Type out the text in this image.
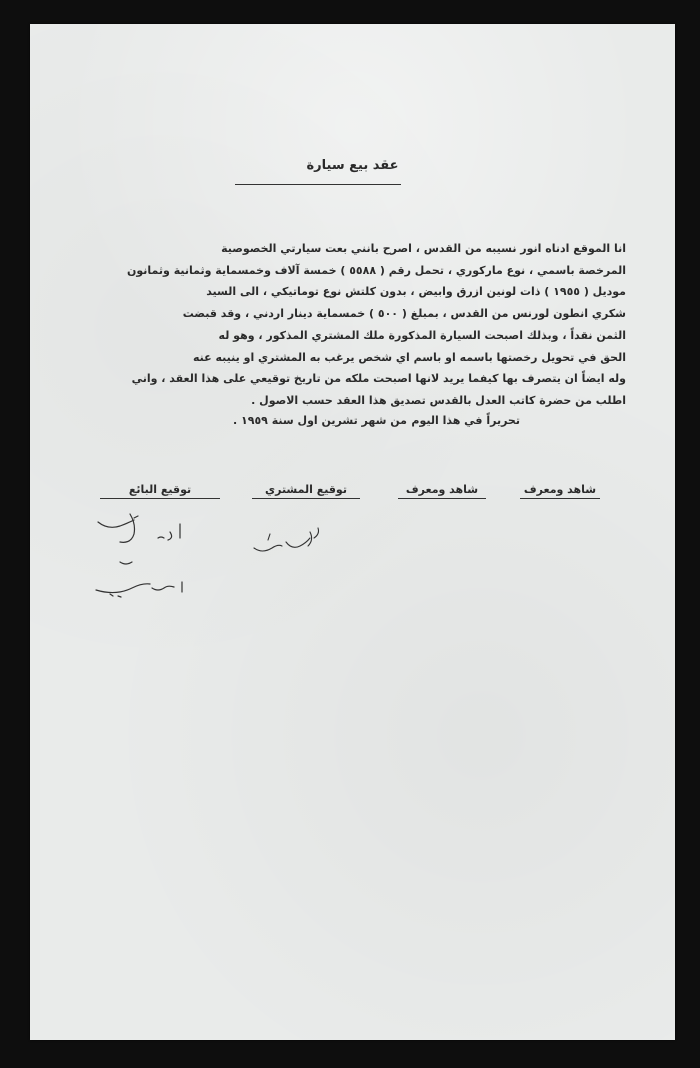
عقد بيع سيارة
انا الموقع ادناه انور نسيبه من القدس ، اصرح بانني بعت سيارتي الخصوصية
المرخصة باسمي ، نوع ماركوري ، تحمل رقم ( ٥٥٨٨ ) خمسة آلاف وخمسماية وثمانية وثمانون
موديل ( ١٩٥٥ ) ذات لونين ازرق وابيض ، بدون كلتش نوع توماتيكي ، الى السيد
شكري انطون لورنس من القدس ، بمبلغ ( ٥٠٠ ) خمسماية دينار اردني ، وقد قبضت
الثمن نقداً ، وبذلك اصبحت السيارة المذكورة ملك المشتري المذكور ، وهو له
الحق في تحويل رخصتها باسمه او باسم اي شخص يرغب به المشتري او ينيبه عنه
وله ايضاً ان يتصرف بها كيفما يريد لانها اصبحت ملكه من تاريخ توقيعي على هذا العقد ، واني
اطلب من حضرة كاتب العدل بالقدس تصديق هذا العقد حسب الاصول .
تحريراً في هذا اليوم
من شهر تشرين اول سنة ١٩٥٩ .
شاهد ومعرف
شاهد ومعرف
توقيع المشتري
توقيع البائع
